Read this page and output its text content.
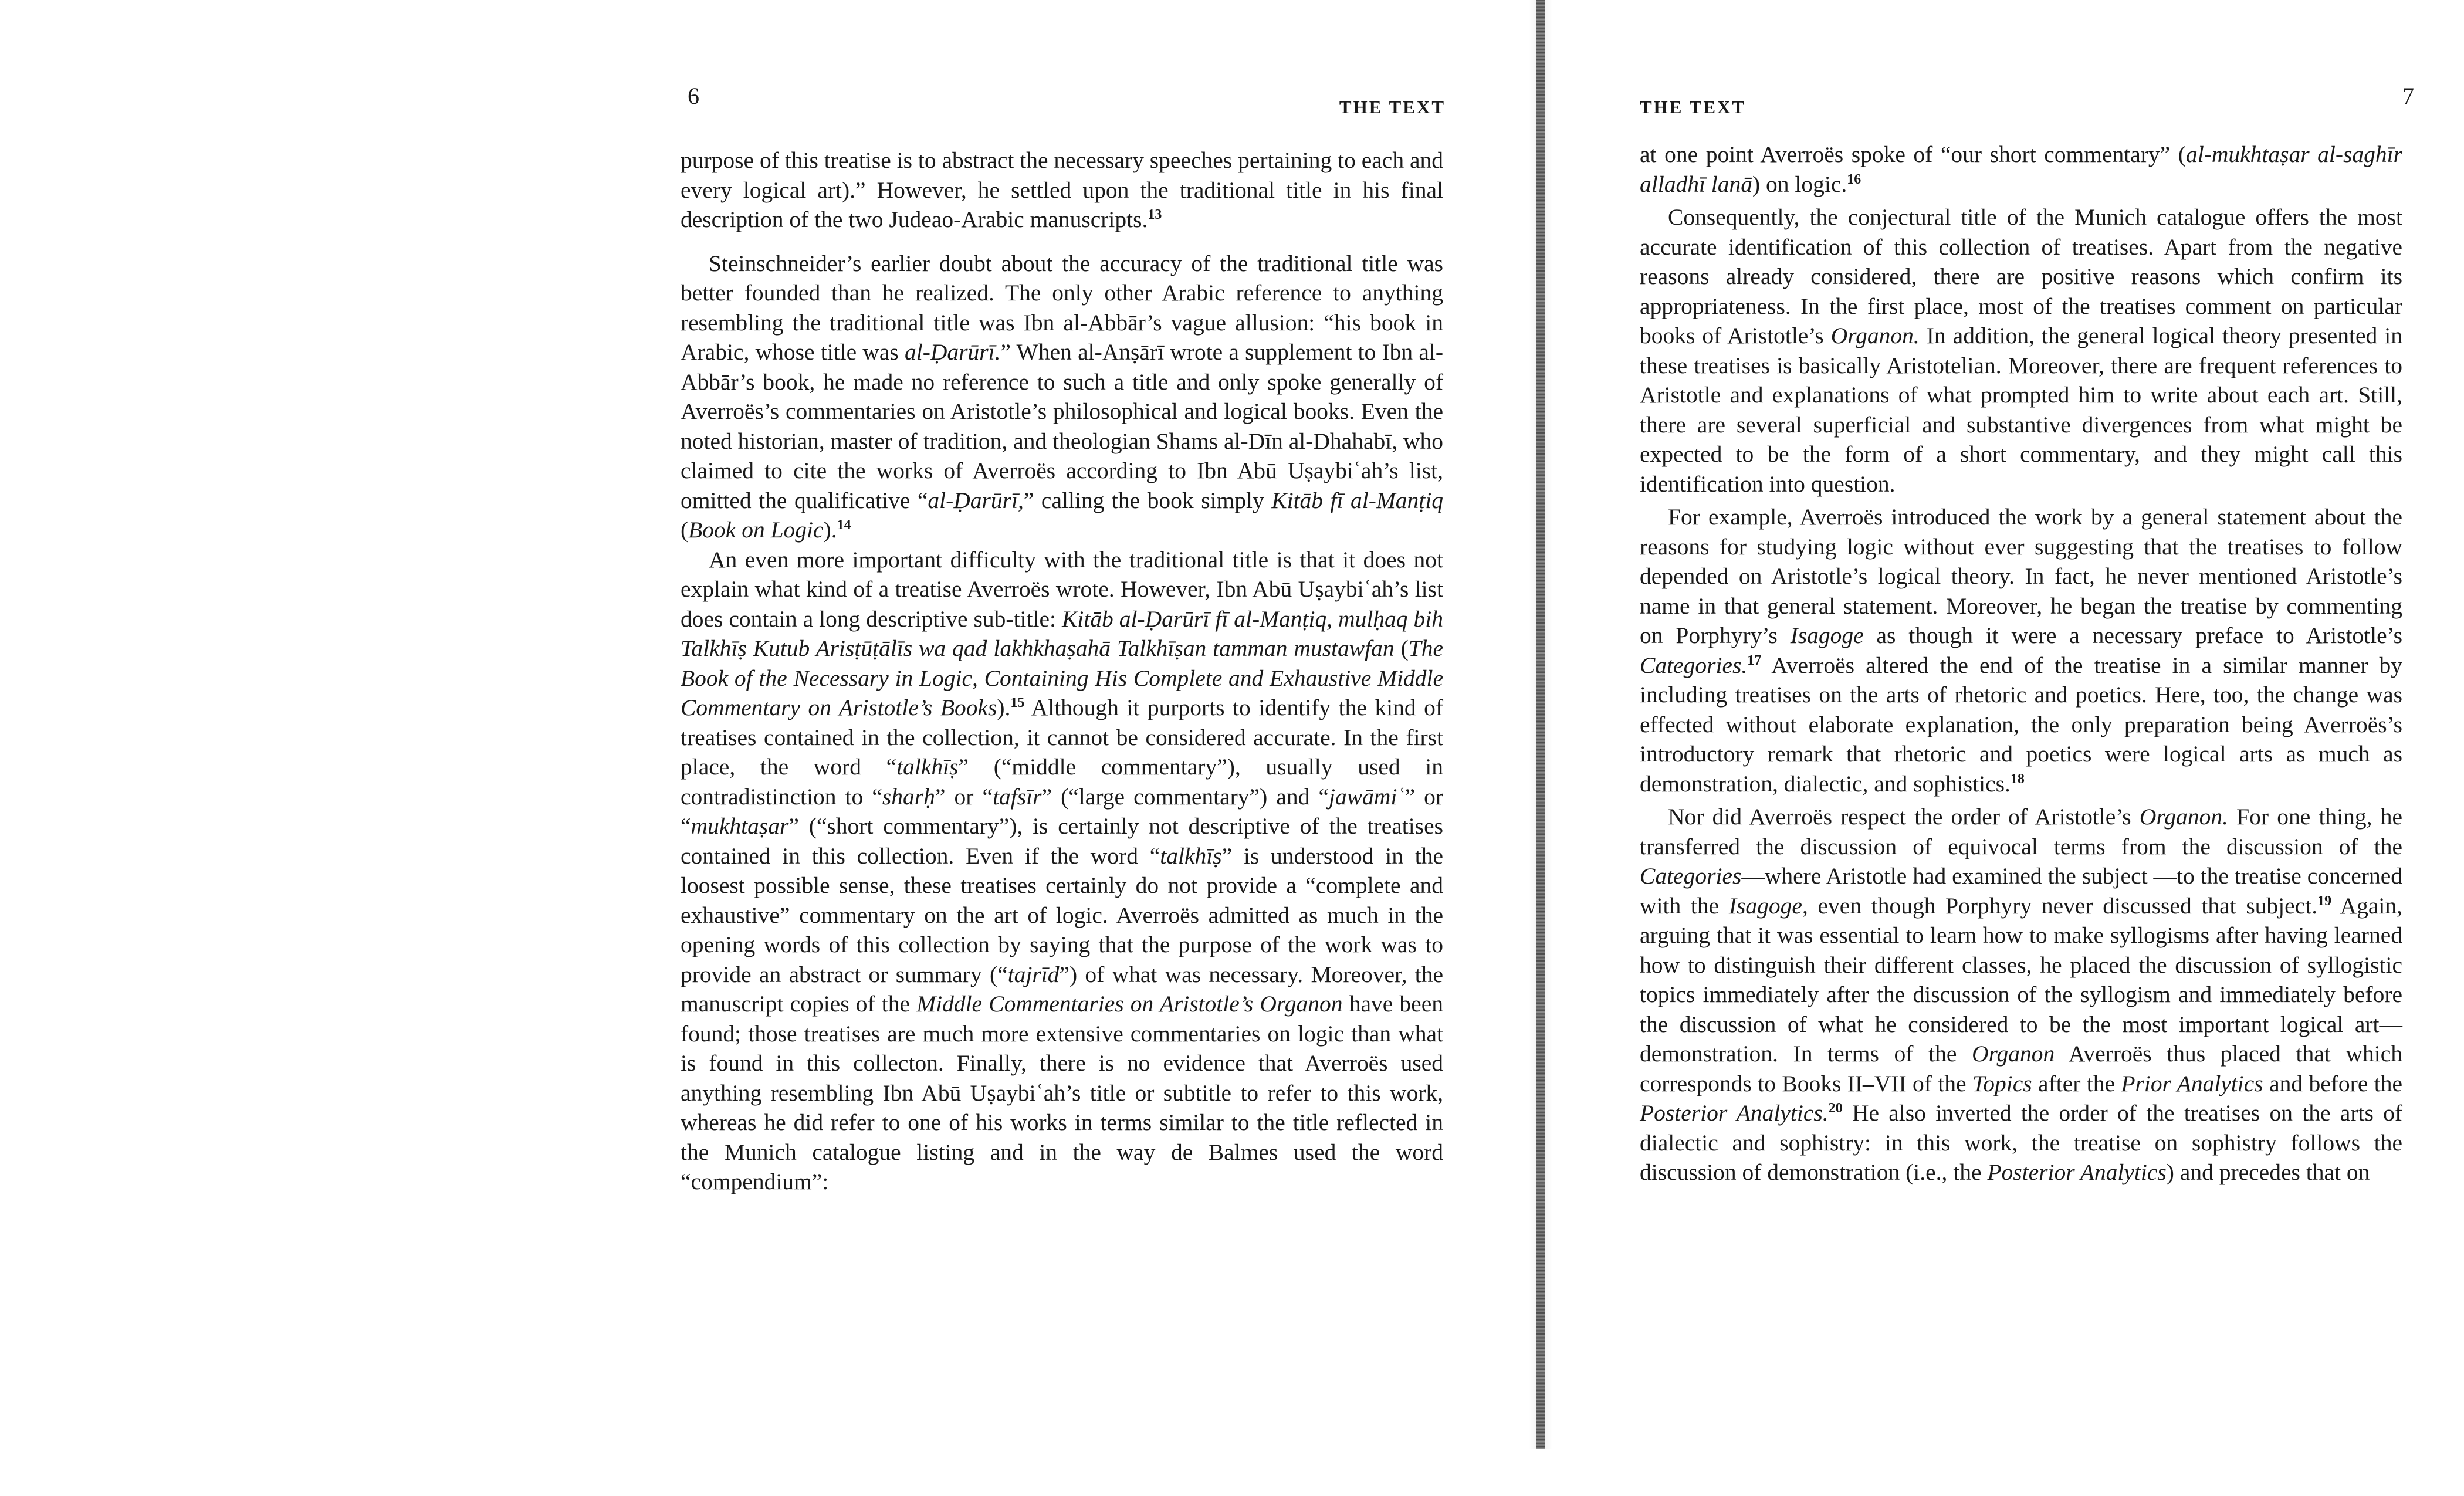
6	THE TEXT

purpose of this treatise is to abstract the necessary speeches pertaining to each and every logical art).” However, he settled upon the traditional title in his final description of the two Judeao-Arabic manuscripts.$^{13}$

Steinschneider’s earlier doubt about the accuracy of the traditional title was better founded than he realized. The only other Arabic reference to anything resembling the traditional title was Ibn al-Abbār’s vague allusion: “his book in Arabic, whose title was al-Ḍarūrī.” When al-Anṣārī wrote a supplement to Ibn al-Abbār’s book, he made no reference to such a title and only spoke generally of Averroës’s commentaries on Aristotle’s philosophical and logical books. Even the noted historian, master of tradition, and theologian Shams al-Dīn al-Dhahabī, who claimed to cite the works of Averroës according to Ibn Abū Uṣaybiʿah’s list, omitted the qualificative “al-Ḍarūrī,” calling the book simply Kitāb fī al-Manṭiq (Book on Logic).$^{14}$

An even more important difficulty with the traditional title is that it does not explain what kind of a treatise Averroës wrote. However, Ibn Abū Uṣaybiʿah’s list does contain a long descriptive sub-title: Kitāb al-Ḍarūrī fī al-Manṭiq, mulḥaq bih Talkhīṣ Kutub Arisṭūṭālīs wa qad lakhkhaṣahā Talkhīṣan tamman mustawfan (The Book of the Necessary in Logic, Containing His Complete and Exhaustive Middle Commentary on Aristotle’s Books).$^{15}$ Although it purports to identify the kind of treatises contained in the collection, it cannot be considered accurate. In the first place, the word “talkhīṣ” (“middle commentary”), usually used in contradistinction to “sharḥ” or “tafsīr” (“large commentary”) and “jawāmiʿ” or “mukhtaṣar” (“short commentary”), is certainly not descriptive of the treatises contained in this collection. Even if the word “talkhīṣ” is understood in the loosest possible sense, these treatises certainly do not provide a “complete and exhaustive” commentary on the art of logic. Averroës admitted as much in the opening words of this collection by saying that the purpose of the work was to provide an abstract or summary (“tajrīd”) of what was necessary. Moreover, the manuscript copies of the Middle Commentaries on Aristotle’s Organon have been found; those treatises are much more extensive commentaries on logic than what is found in this collecton. Finally, there is no evidence that Averroës used anything resembling Ibn Abū Uṣaybiʿah’s title or subtitle to refer to this work, whereas he did refer to one of his works in terms similar to the title reflected in the Munich catalogue listing and in the way de Balmes used the word “compendium”:

THE TEXT	7

at one point Averroës spoke of “our short commentary” (al-mukhtaṣar al-saghīr alladhī lanā) on logic.$^{16}$

Consequently, the conjectural title of the Munich catalogue offers the most accurate identification of this collection of treatises. Apart from the negative reasons already considered, there are positive reasons which confirm its appropriateness. In the first place, most of the treatises comment on particular books of Aristotle’s Organon. In addition, the general logical theory presented in these treatises is basically Aristotelian. Moreover, there are frequent references to Aristotle and explanations of what prompted him to write about each art. Still, there are several superficial and substantive divergences from what might be expected to be the form of a short commentary, and they might call this identification into question.

For example, Averroës introduced the work by a general statement about the reasons for studying logic without ever suggesting that the treatises to follow depended on Aristotle’s logical theory. In fact, he never mentioned Aristotle’s name in that general statement. Moreover, he began the treatise by commenting on Porphyry’s Isagoge as though it were a necessary preface to Aristotle’s Categories.$^{17}$ Averroës altered the end of the treatise in a similar manner by including treatises on the arts of rhetoric and poetics. Here, too, the change was effected without elaborate explanation, the only preparation being Averroës’s introductory remark that rhetoric and poetics were logical arts as much as demonstration, dialectic, and sophistics.$^{18}$

Nor did Averroës respect the order of Aristotle’s Organon. For one thing, he transferred the discussion of equivocal terms from the discussion of the Categories—where Aristotle had examined the subject —to the treatise concerned with the Isagoge, even though Porphyry never discussed that subject.$^{19}$ Again, arguing that it was essential to learn how to make syllogisms after having learned how to distinguish their different classes, he placed the discussion of syllogistic topics immediately after the discussion of the syllogism and immediately before the discussion of what he considered to be the most important logical art—demonstration. In terms of the Organon Averroës thus placed that which corresponds to Books II–VII of the Topics after the Prior Analytics and before the Posterior Analytics.$^{20}$ He also inverted the order of the treatises on the arts of dialectic and sophistry: in this work, the treatise on sophistry follows the discussion of demonstration (i.e., the Posterior Analytics) and precedes that on
